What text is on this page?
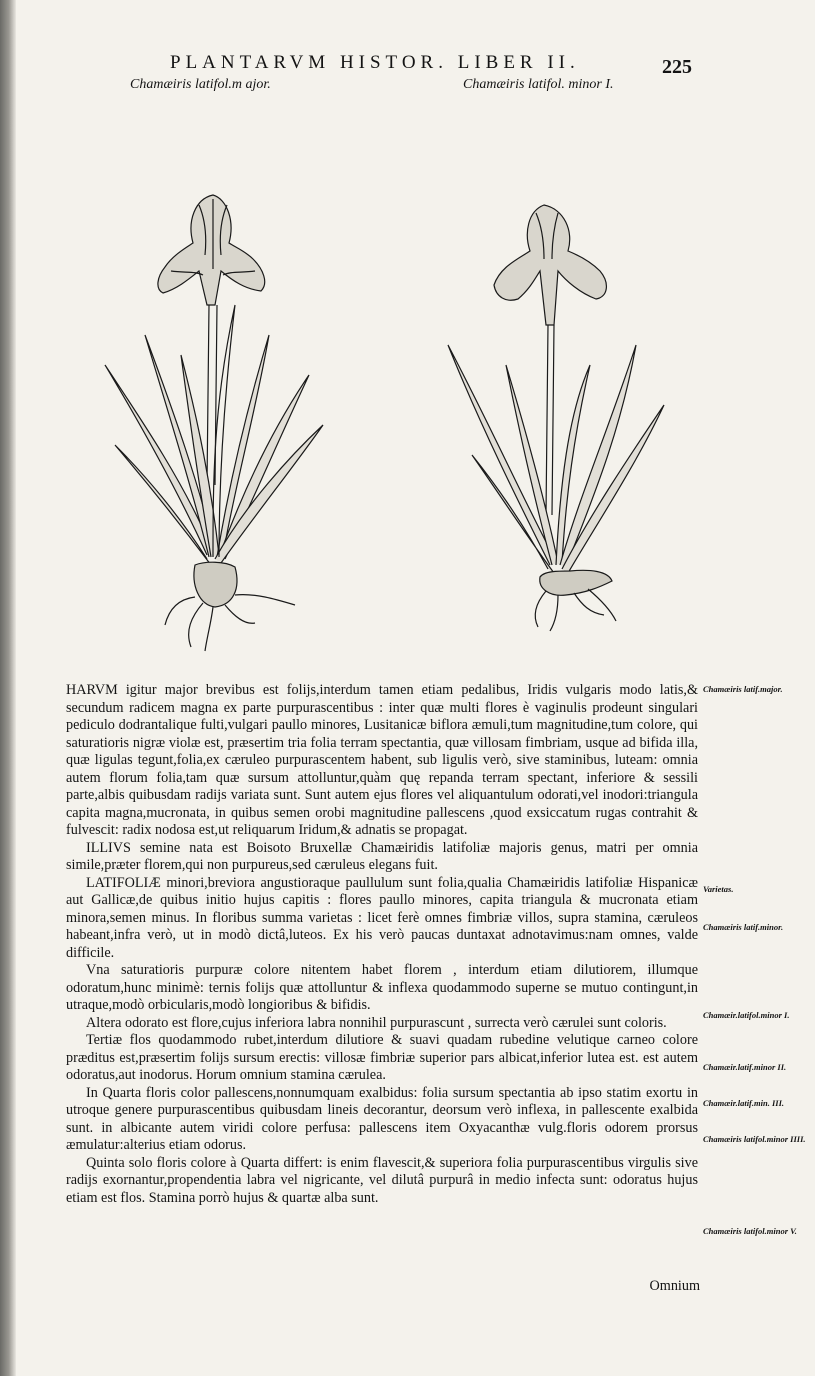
PLANTARVM HISTOR. LIBER II.	225
Chamæiris latifol.m ajor.	Chamæiris latifol. minor I.

HARVM igitur major brevibus est folijs,interdum tamen etiam pedalibus, Iridis vulgaris modo latis,& secundum radicem magna ex parte purpurascentibus : inter quæ multi flores è vaginulis prodeunt singulari pediculo dodrantalique fulti,vulgari paullo minores, Lusitanicæ biflora æmuli,tum magnitudine,tum colore, qui saturatioris nigræ violæ est, præsertim tria folia terram spectantia, quæ villosam fimbriam, usque ad bifida illa, quæ ligulas tegunt,folia,ex cæruleo purpurascentem habent, sub ligulis verò, sive staminibus, luteam: omnia autem florum folia,tam quæ sursum attolluntur,quàm quę repanda terram spectant, inferiore & sessili parte,albis quibusdam radijs variata sunt. Sunt autem ejus flores vel aliquantulum odorati,vel inodori:triangula capita magna,mucronata, in quibus semen orobi magnitudine pallescens ,quod exsiccatum rugas contrahit & fulvescit: radix nodosa est,ut reliquarum Iridum,& adnatis se propagat.

ILLIVS semine nata est Boisoto Bruxellæ Chamæiridis latifoliæ majoris genus, matri per omnia simile,præter florem,qui non purpureus,sed cæruleus elegans fuit.

LATIFOLIÆ minori,breviora angustioraque paullulum sunt folia,qualia Chamæiridis latifoliæ Hispanicæ aut Gallicæ,de quibus initio hujus capitis : flores paullo minores, capita triangula & mucronata etiam minora,semen minus. In floribus summa varietas : licet ferè omnes fimbriæ villos, supra stamina, cæruleos habeant,infra verò, ut in modò dictâ,luteos. Ex his verò paucas duntaxat adnotavimus:nam omnes, valde difficile.

Vna saturatioris purpuræ colore nitentem habet florem , interdum etiam dilutiorem, illumque odoratum,hunc minimè: ternis folijs quæ attolluntur & inflexa quodammodo superne se mutuo contingunt,in utraque,modò orbicularis,modò longioribus & bifidis.

Altera odorato est flore,cujus inferiora labra nonnihil purpurascunt , surrecta verò cærulei sunt coloris.

Tertiæ flos quodammodo rubet,interdum dilutiore & suavi quadam rubedine velutique carneo colore præditus est,præsertim folijs sursum erectis: villosæ fimbriæ superior pars albicat,inferior lutea est. est autem odoratus,aut inodorus. Horum omnium stamina cærulea.

In Quarta floris color pallescens,nonnumquam exalbidus: folia sursum spectantia ab ipso statim exortu in utroque genere purpurascentibus quibusdam lineis decorantur, deorsum verò inflexa, in pallescente exalbida sunt. in albicante autem viridi colore perfusa: pallescens item Oxyacanthæ vulg.floris odorem prorsus æmulatur:alterius etiam odorus.

Quinta solo floris colore à Quarta differt: is enim flavescit,& superiora folia purpurascentibus virgulis sive radijs exornantur,propendentia labra vel nigricante, vel dilutâ purpurâ in medio infecta sunt: odoratus hujus etiam est flos. Stamina porrò hujus & quartæ alba sunt.

Omnium
Chamæiris latif.major.
Varietas.
Chamæiris latif.minor.
Chamæir.latifol.minor I.
Chamæir.latif.minor II.
Chamæir.latif.min. III.
Chamæiris latifol.minor IIII.
Chamæiris latifol.minor V.
